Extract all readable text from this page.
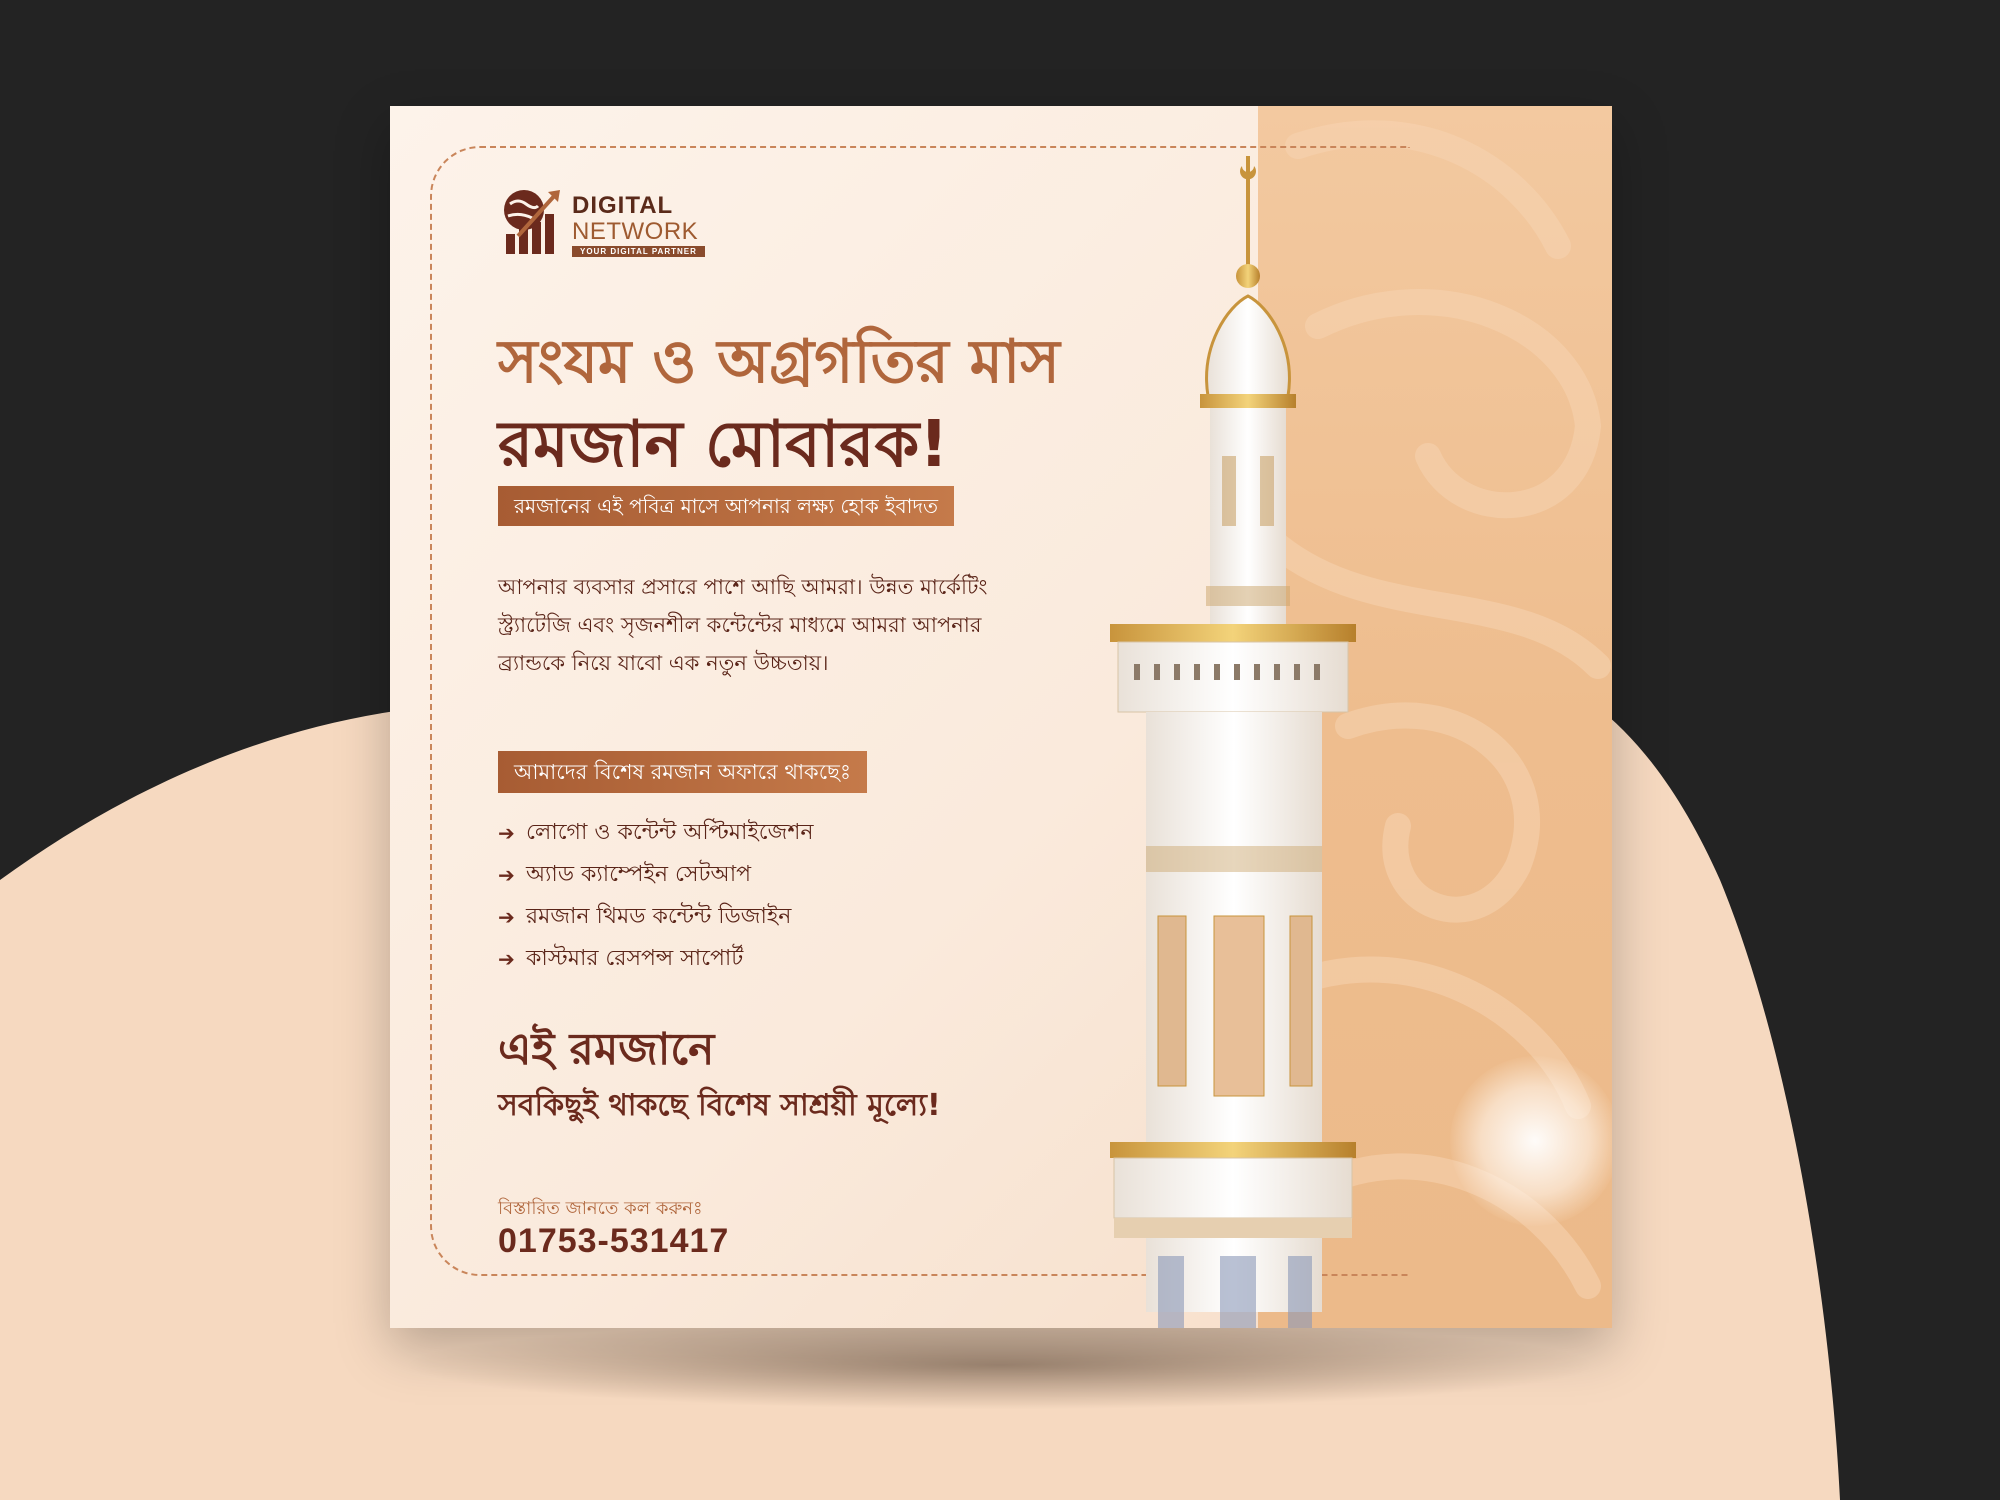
DIGITAL
NETWORK
YOUR DIGITAL PARTNER
সংযম ও অগ্রগতির মাস
রমজান মোবারক!
রমজানের এই পবিত্র মাসে আপনার লক্ষ্য হোক ইবাদত
আপনার ব্যবসার প্রসারে পাশে আছি আমরা। উন্নত মার্কেটিং
স্ট্র্যাটেজি এবং সৃজনশীল কন্টেন্টের মাধ্যমে আমরা আপনার
ব্র্যান্ডকে নিয়ে যাবো এক নতুন উচ্চতায়।
আমাদের বিশেষ রমজান অফারে থাকছেঃ
➔ লোগো ও কন্টেন্ট অপ্টিমাইজেশন
➔ অ্যাড ক্যাম্পেইন সেটআপ
➔ রমজান থিমড কন্টেন্ট ডিজাইন
➔ কাস্টমার রেসপন্স সাপোর্ট
এই রমজানে
সবকিছুই থাকছে বিশেষ সাশ্রয়ী মূল্যে!
বিস্তারিত জানতে কল করুনঃ
01753-531417
